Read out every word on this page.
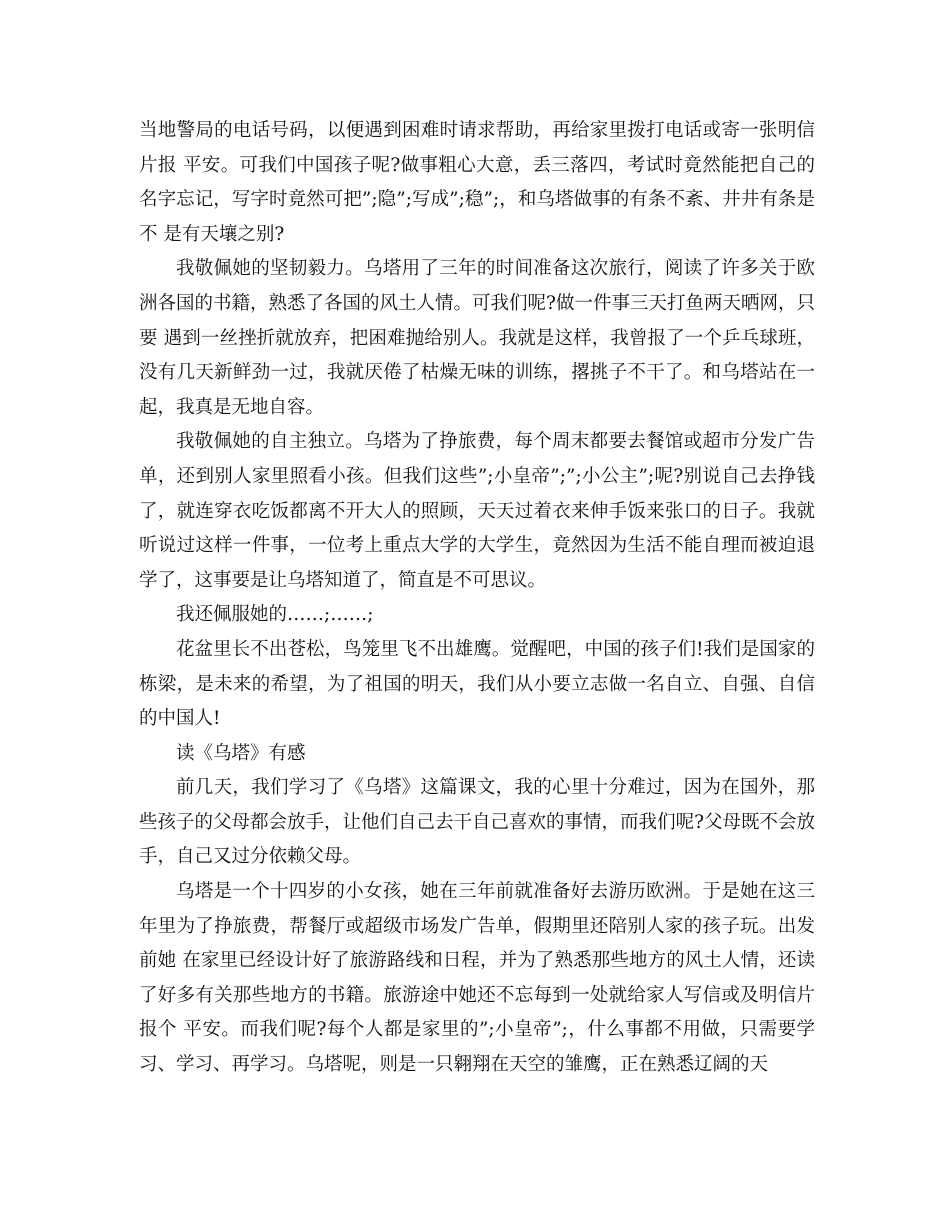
当地警局的电话号码，以便遇到困难时请求帮助，再给家里拨打电话或寄一张明信片报 平安。可我们中国孩子呢?做事粗心大意，丢三落四，考试时竟然能把自己的名字忘记，写字时竟然可把”;隐”;写成”;稳”;，和乌塔做事的有条不紊、井井有条是不 是有天壤之别?

我敬佩她的坚韧毅力。乌塔用了三年的时间准备这次旅行，阅读了许多关于欧洲各国的书籍，熟悉了各国的风土人情。可我们呢?做一件事三天打鱼两天晒网，只要 遇到一丝挫折就放弃，把困难抛给别人。我就是这样，我曾报了一个乒乓球班，没有几天新鲜劲一过，我就厌倦了枯燥无味的训练，撂挑子不干了。和乌塔站在一 起，我真是无地自容。

我敬佩她的自主独立。乌塔为了挣旅费，每个周末都要去餐馆或超市分发广告单，还到别人家里照看小孩。但我们这些”;小皇帝”;”;小公主”;呢?别说自己去挣钱 了，就连穿衣吃饭都离不开大人的照顾，天天过着衣来伸手饭来张口的日子。我就听说过这样一件事，一位考上重点大学的大学生，竟然因为生活不能自理而被迫退 学了，这事要是让乌塔知道了，简直是不可思议。

我还佩服她的……;……;

花盆里长不出苍松，鸟笼里飞不出雄鹰。觉醒吧，中国的孩子们!我们是国家的栋梁，是未来的希望，为了祖国的明天，我们从小要立志做一名自立、自强、自信的中国人!

读《乌塔》有感

前几天，我们学习了《乌塔》这篇课文，我的心里十分难过，因为在国外，那些孩子的父母都会放手，让他们自己去干自己喜欢的事情，而我们呢?父母既不会放手，自己又过分依赖父母。

乌塔是一个十四岁的小女孩，她在三年前就准备好去游历欧洲。于是她在这三年里为了挣旅费，帮餐厅或超级市场发广告单，假期里还陪别人家的孩子玩。出发前她 在家里已经设计好了旅游路线和日程，并为了熟悉那些地方的风土人情，还读了好多有关那些地方的书籍。旅游途中她还不忘每到一处就给家人写信或及明信片报个 平安。而我们呢?每个人都是家里的”;小皇帝”;，什么事都不用做，只需要学习、学习、再学习。乌塔呢，则是一只翱翔在天空的雏鹰，正在熟悉辽阔的天
